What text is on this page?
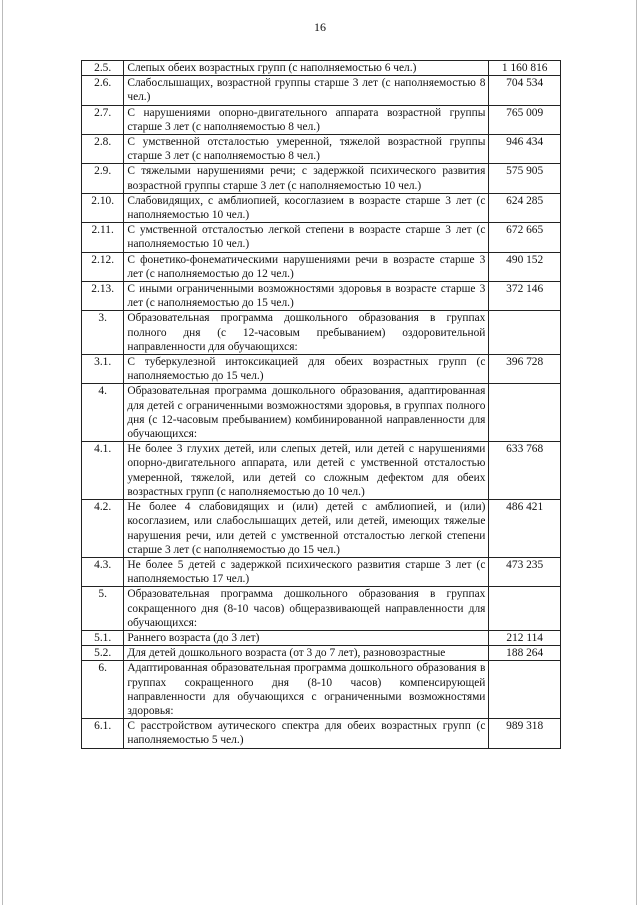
16
2.5.	Слепых обеих возрастных групп (с наполняемостью 6 чел.)	1 160 816
2.6.	Слабослышащих, возрастной группы старше 3 лет (с наполняемостью 8 чел.)	704 534
2.7.	С нарушениями опорно-двигательного аппарата возрастной группы старше 3 лет (с наполняемостью 8 чел.)	765 009
2.8.	С умственной отсталостью умеренной, тяжелой возрастной группы старше 3 лет (с наполняемостью 8 чел.)	946 434
2.9.	С тяжелыми нарушениями речи; с задержкой психического развития возрастной группы старше 3 лет (с наполняемостью 10 чел.)	575 905
2.10.	Слабовидящих, с амблиопией, косоглазием в возрасте старше 3 лет (с наполняемостью 10 чел.)	624 285
2.11.	С умственной отсталостью легкой степени в возрасте старше 3 лет (с наполняемостью 10 чел.)	672 665
2.12.	С фонетико-фонематическими нарушениями речи в возрасте старше 3 лет (с наполняемостью до 12 чел.)	490 152
2.13.	С иными ограниченными возможностями здоровья в возрасте старше 3 лет (с наполняемостью до 15 чел.)	372 146
3.	Образовательная программа дошкольного образования в группах полного дня (с 12-часовым пребыванием) оздоровительной направленности для обучающихся:	
3.1.	С туберкулезной интоксикацией для обеих возрастных групп (с наполняемостью до 15 чел.)	396 728
4.	Образовательная программа дошкольного образования, адаптированная для детей с ограниченными возможностями здоровья, в группах полного дня (с 12-часовым пребыванием) комбинированной направленности для обучающихся:	
4.1.	Не более 3 глухих детей, или слепых детей, или детей с нарушениями опорно-двигательного аппарата, или детей с умственной отсталостью умеренной, тяжелой, или детей со сложным дефектом для обеих возрастных групп (с наполняемостью до 10 чел.)	633 768
4.2.	Не более 4 слабовидящих и (или) детей с амблиопией, и (или) косоглазием, или слабослышащих детей, или детей, имеющих тяжелые нарушения речи, или детей с умственной отсталостью легкой степени старше 3 лет (с наполняемостью до 15 чел.)	486 421
4.3.	Не более 5 детей с задержкой психического развития старше 3 лет (с наполняемостью 17 чел.)	473 235
5.	Образовательная программа дошкольного образования в группах сокращенного дня (8-10 часов) общеразвивающей направленности для обучающихся:	
5.1.	Раннего возраста (до 3 лет)	212 114
5.2.	Для детей дошкольного возраста (от 3 до 7 лет), разновозрастные	188 264
6.	Адаптированная образовательная программа дошкольного образования в группах сокращенного дня (8-10 часов) компенсирующей направленности для обучающихся с ограниченными возможностями здоровья:	
6.1.	С расстройством аутического спектра для обеих возрастных групп (с наполняемостью 5 чел.)	989 318
